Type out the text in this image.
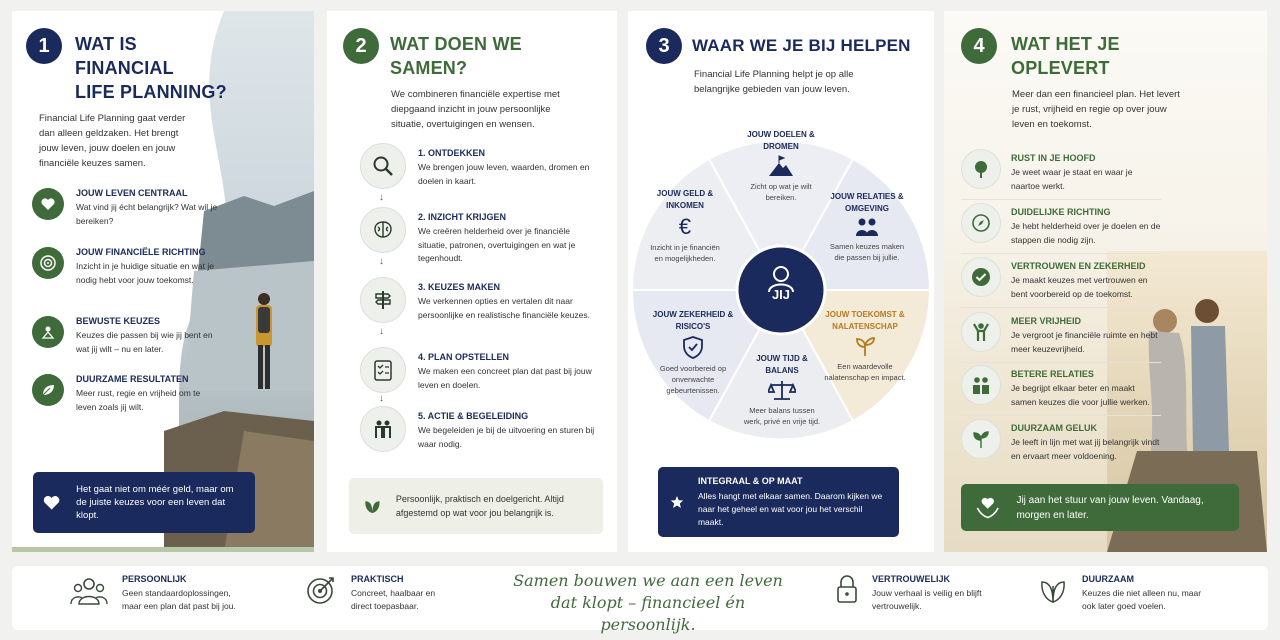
1	WAT IS
FINANCIAL
LIFE PLANNING?
Financial Life Planning gaat verder dan alleen geldzaken. Het brengt jouw leven, jouw doelen en jouw financiële keuzes samen.
JOUW LEVEN CENTRAAL
Wat vind jij écht belangrijk? Wat wil je bereiken?
JOUW FINANCIËLE RICHTING
Inzicht in je huidige situatie en wat je nodig hebt voor jouw toekomst.
BEWUSTE KEUZES
Keuzes die passen bij wie jij bent en wat jij wilt – nu en later.
DUURZAME RESULTATEN
Meer rust, regie en vrijheid om te leven zoals jij wilt.
Het gaat niet om méér geld, maar om de juiste keuzes voor een leven dat klopt.
2	WAT DOEN WE
SAMEN?
We combineren financiële expertise met diepgaand inzicht in jouw persoonlijke situatie, overtuigingen en wensen.
1. ONTDEKKEN
We brengen jouw leven, waarden, dromen en doelen in kaart.
2. INZICHT KRIJGEN
We creëren helderheid over je financiële situatie, patronen, overtuigingen en wat je tegenhoudt.
3. KEUZES MAKEN
We verkennen opties en vertalen dit naar persoonlijke en realistische financiële keuzes.
4. PLAN OPSTELLEN
We maken een concreet plan dat past bij jouw leven en doelen.
5. ACTIE & BEGELEIDING
We begeleiden je bij de uitvoering en sturen bij waar nodig.
↓
↓
↓
↓
Persoonlijk, praktisch en doelgericht. Altijd afgestemd op wat voor jou belangrijk is.
3	WAAR WE JE BIJ HELPEN
Financial Life Planning helpt je op alle belangrijke gebieden van jouw leven.
JIJ
JOUW DOELEN & DROMEN
Zicht op wat je wilt bereiken.	JOUW RELATIES & OMGEVING
Samen keuzes maken die passen bij jullie.
JOUW TOEKOMST & NALATENSCHAP
Een waardevolle nalatenschap en impact.
JOUW TIJD & BALANS
Meer balans tussen werk, privé en vrije tijd.
JOUW ZEKERHEID & RISICO'S
Goed voorbereid op onverwachte gebeurtenissen.
JOUW GELD & INKOMEN
€
Inzicht in je financiën en mogelijkheden.
INTEGRAAL & OP MAAT
Alles hangt met elkaar samen. Daarom kijken we naar het geheel en wat voor jou het verschil maakt.
4	WAT HET JE
OPLEVERT
Meer dan een financieel plan. Het levert je rust, vrijheid en regie op over jouw leven en toekomst.
RUST IN JE HOOFD
Je weet waar je staat en waar je naartoe werkt.
DUIDELIJKE RICHTING
Je hebt helderheid over je doelen en de stappen die nodig zijn.
VERTROUWEN EN ZEKERHEID
Je maakt keuzes met vertrouwen en bent voorbereid op de toekomst.
MEER VRIJHEID
Je vergroot je financiële ruimte en hebt meer keuzevrijheid.
BETERE RELATIES
Je begrijpt elkaar beter en maakt samen keuzes die voor jullie werken.
DUURZAAM GELUK
Je leeft in lijn met wat jij belangrijk vindt en ervaart meer voldoening.
Jij aan het stuur van jouw leven. Vandaag, morgen en later.
PERSOONLIJK
Geen standaardoplossingen, maar een plan dat past bij jou.
PRAKTISCH
Concreet, haalbaar en direct toepasbaar.
Samen bouwen we aan een leven
dat klopt – financieel én persoonlijk.
VERTROUWELIJK
Jouw verhaal is veilig en blijft vertrouwelijk.
DUURZAAM
Keuzes die niet alleen nu, maar ook later goed voelen.
